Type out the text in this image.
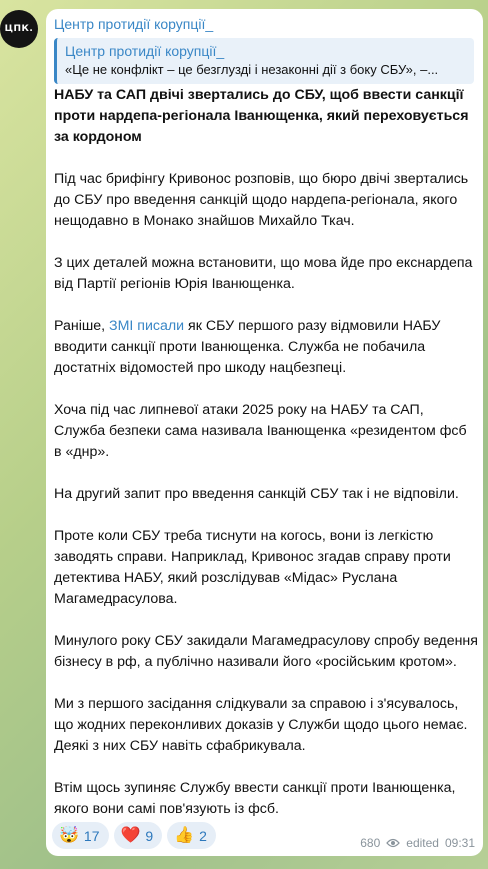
ЦПК.	Центр протидії корупції_
Центр протидії корупції_
«Це не конфлікт – це безглузді і незаконні дії з боку СБУ», –...

НАБУ та САП двічі звертались до СБУ, щоб ввести санкції проти нардепа-регіонала Іванющенка, який переховується за кордоном

Під час брифінгу Кривонос розповів, що бюро двічі звертались до СБУ про введення санкцій щодо нардепа-регіонала, якого нещодавно в Монако знайшов Михайло Ткач.

З цих деталей можна встановити, що мова йде про екснардепа від Партії регіонів Юрія Іванющенка.

Раніше, ЗМІ писали як СБУ першого разу відмовили НАБУ вводити санкції проти Іванющенка. Служба не побачила достатніх відомостей про шкоду нацбезпеці.

Хоча під час липневої атаки 2025 року на НАБУ та САП, Служба безпеки сама називала Іванющенка «резидентом фсб в «днр».

На другий запит про введення санкцій СБУ так і не відповіли.

Проте коли СБУ треба тиснути на когось, вони із легкістю заводять справи. Наприклад, Кривонос згадав справу проти детектива НАБУ, який розслідував «Мідас» Руслана Магамедрасулова.

Минулого року СБУ закидали Магамедрасулову спробу ведення бізнесу в рф, а публічно називали його «російським кротом».

Ми з першого засідання слідкували за справою і з'ясувалось, що жодних переконливих доказів у Служби щодо цього немає. Деякі з них СБУ навіть сфабрикувала.

Втім щось зупиняє Службу ввести санкції проти Іванющенка, якого вони самі пов'язують із фсб.

🤯 17 ❤️ 9 👍 2	680 edited 09:31
